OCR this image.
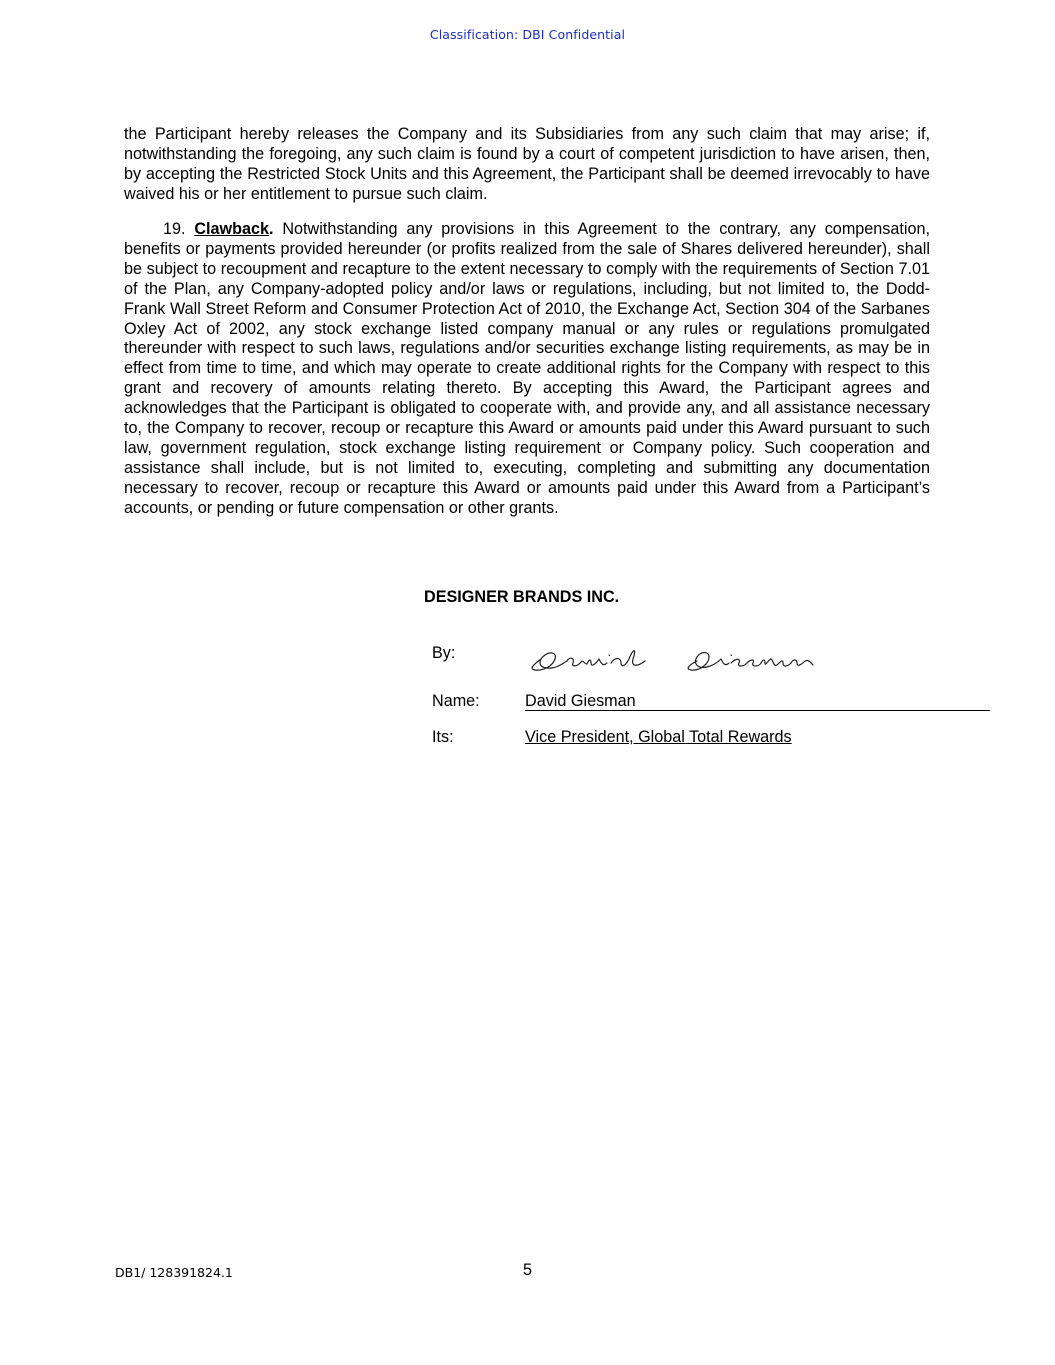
Classification: DBI Confidential
the Participant hereby releases the Company and its Subsidiaries from any such claim that may arise; if, notwithstanding the foregoing, any such claim is found by a court of competent jurisdiction to have arisen, then, by accepting the Restricted Stock Units and this Agreement, the Participant shall be deemed irrevocably to have waived his or her entitlement to pursue such claim.
19. Clawback. Notwithstanding any provisions in this Agreement to the contrary, any compensation, benefits or payments provided hereunder (or profits realized from the sale of Shares delivered hereunder), shall be subject to recoupment and recapture to the extent necessary to comply with the requirements of Section 7.01 of the Plan, any Company-adopted policy and/or laws or regulations, including, but not limited to, the Dodd-Frank Wall Street Reform and Consumer Protection Act of 2010, the Exchange Act, Section 304 of the Sarbanes Oxley Act of 2002, any stock exchange listed company manual or any rules or regulations promulgated thereunder with respect to such laws, regulations and/or securities exchange listing requirements, as may be in effect from time to time, and which may operate to create additional rights for the Company with respect to this grant and recovery of amounts relating thereto. By accepting this Award, the Participant agrees and acknowledges that the Participant is obligated to cooperate with, and provide any, and all assistance necessary to, the Company to recover, recoup or recapture this Award or amounts paid under this Award pursuant to such law, government regulation, stock exchange listing requirement or Company policy. Such cooperation and assistance shall include, but is not limited to, executing, completing and submitting any documentation necessary to recover, recoup or recapture this Award or amounts paid under this Award from a Participant’s accounts, or pending or future compensation or other grants.
DESIGNER BRANDS INC.
By:
Name:	David Giesman
Its:	Vice President, Global Total Rewards
DB1/ 128391824.1	5
